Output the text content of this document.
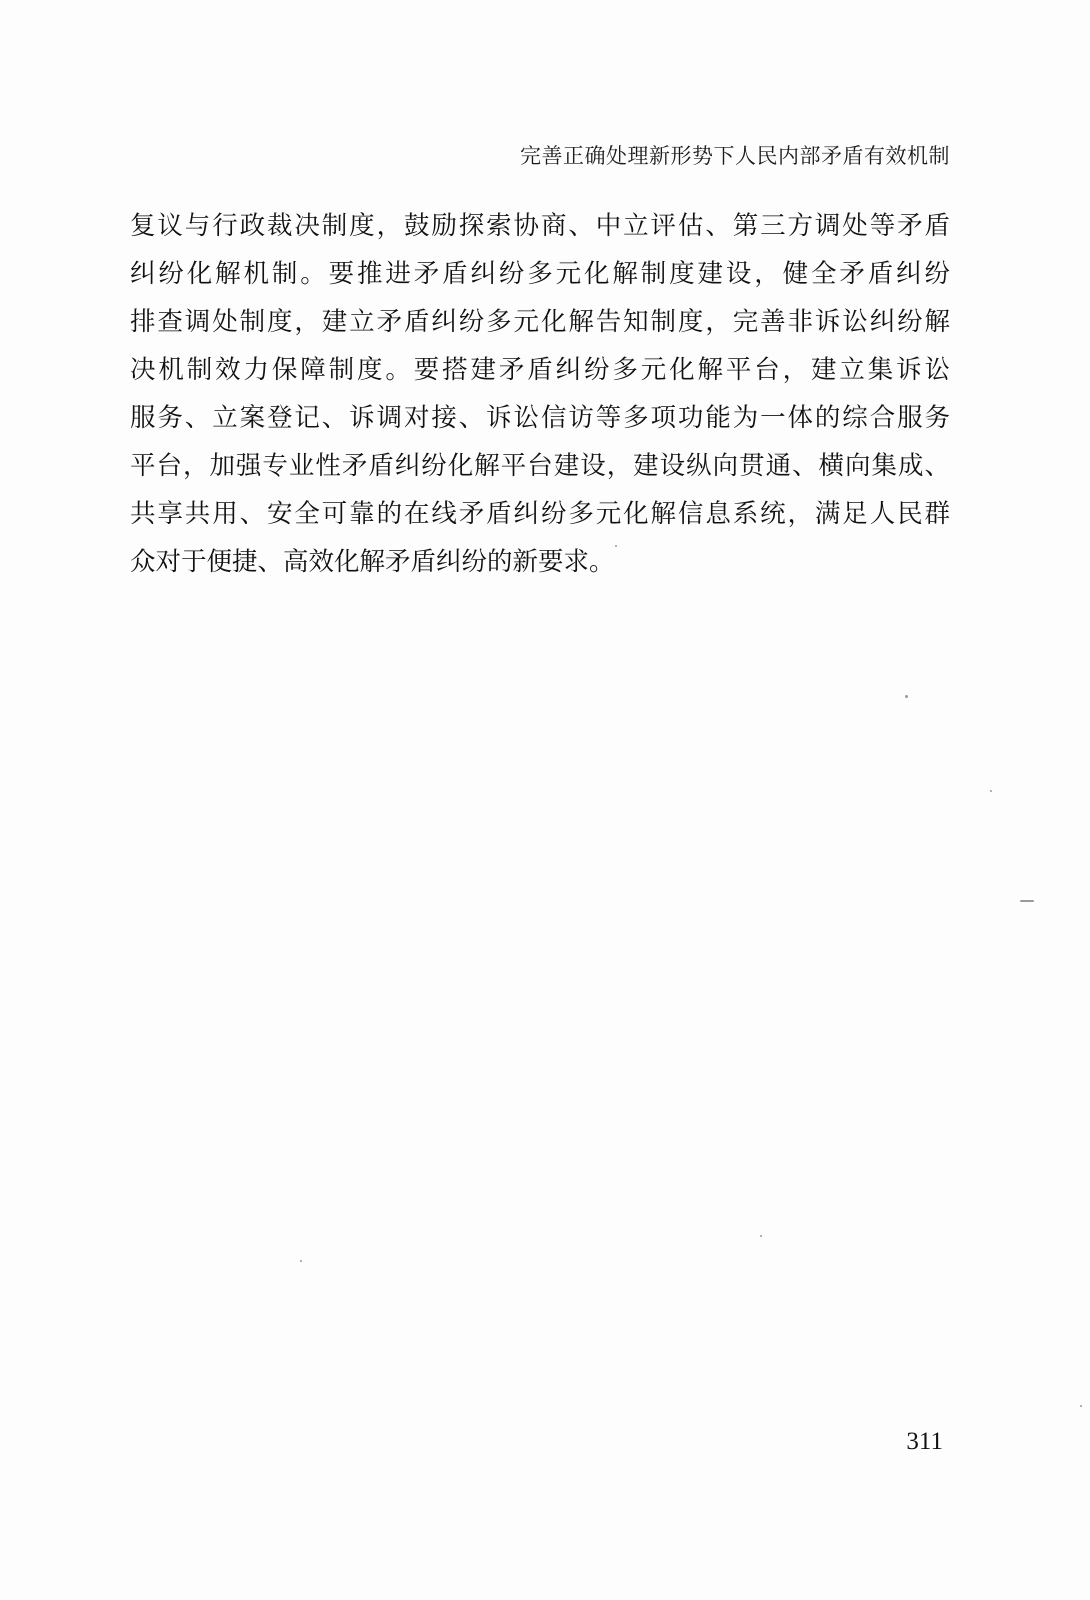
完善正确处理新形势下人民内部矛盾有效机制
复议与行政裁决制度，鼓励探索协商、中立评估、第三方调处等矛盾
纠纷化解机制。要推进矛盾纠纷多元化解制度建设，健全矛盾纠纷
排查调处制度，建立矛盾纠纷多元化解告知制度，完善非诉讼纠纷解
决机制效力保障制度。要搭建矛盾纠纷多元化解平台，建立集诉讼
服务、立案登记、诉调对接、诉讼信访等多项功能为一体的综合服务
平台，加强专业性矛盾纠纷化解平台建设，建设纵向贯通、横向集成、
共享共用、安全可靠的在线矛盾纠纷多元化解信息系统，满足人民群
众对于便捷、高效化解矛盾纠纷的新要求。
311
